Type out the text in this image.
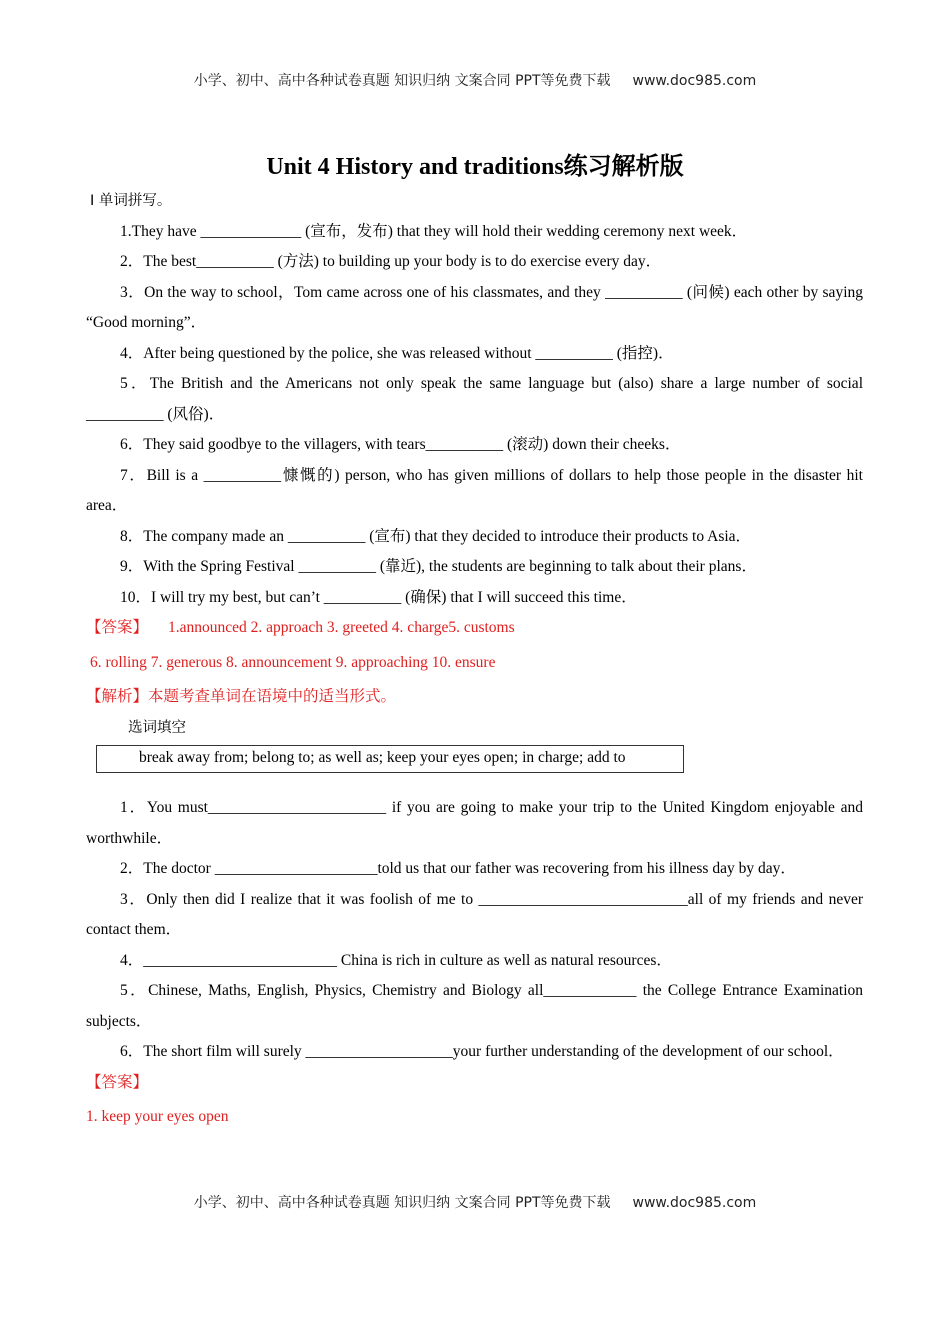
小学、初中、高中各种试卷真题 知识归纳 文案合同 PPT等免费下载 www.doc985.com
Unit 4 History and traditions练习解析版

Ⅰ 单词拼写。

1.They have _____________ (宣布，发布) that they will hold their wedding ceremony next week．

2．The best__________ (方法) to building up your body is to do exercise every day．

3．On the way to school，Tom came across one of his classmates, and they __________ (问候) each other by saying “Good morning”．

4．After being questioned by the police, she was released without __________ (指控)．

5．The British and the Americans not only speak the same language but (also) share a large number of social __________ (风俗)．

6．They said goodbye to the villagers, with tears__________ (滚动) down their cheeks．

7．Bill is a __________慷慨的) person, who has given millions of dollars to help those people in the disaster hit area．

8．The company made an __________ (宣布) that they decided to introduce their products to Asia．

9．With the Spring Festival __________ (靠近), the students are beginning to talk about their plans．

10．I will try my best, but can’t __________ (确保) that I will succeed this time．

【答案】 1.announced 2. approach 3. greeted 4. charge5. customs

6. rolling 7. generous 8. announcement 9. approaching 10. ensure

【解析】本题考查单词在语境中的适当形式。

选词填空

break away from; belong to; as well as; keep your eyes open; in charge; add to

1．You must_______________________ if you are going to make your trip to the United Kingdom enjoyable and worthwhile．

2．The doctor _____________________told us that our father was recovering from his illness day by day．

3．Only then did I realize that it was foolish of me to ___________________________all of my friends and never contact them．

4．_________________________ China is rich in culture as well as natural resources．

5．Chinese, Maths, English, Physics, Chemistry and Biology all____________ the College Entrance Examination subjects．

6．The short film will surely ___________________your further understanding of the development of our school．

【答案】

1. keep your eyes open

小学、初中、高中各种试卷真题 知识归纳 文案合同 PPT等免费下载 www.doc985.com
